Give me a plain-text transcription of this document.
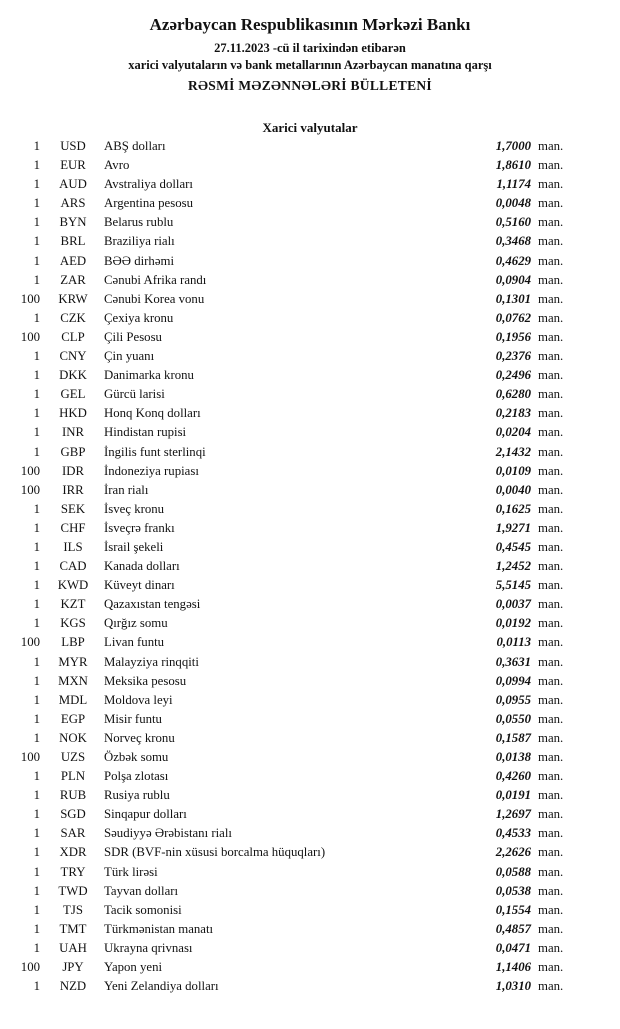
Azərbaycan Respublikasının Mərkəzi Bankı
27.11.2023 -cü il tarixindən etibarən
xarici valyutaların və bank metallarının Azərbaycan manatına qarşı
RƏSMİ MƏZƏNNƏLƏRİ BÜLLETENİ
Xarici valyutalar
1	USD	ABŞ dolları	1,7000 man.
1	EUR	Avro	1,8610 man.
1	AUD	Avstraliya dolları	1,1174 man.
1	ARS	Argentina pesosu	0,0048 man.
1	BYN	Belarus rublu	0,5160 man.
1	BRL	Braziliya rialı	0,3468 man.
1	AED	BƏƏ dirhəmi	0,4629 man.
1	ZAR	Cənubi Afrika randı	0,0904 man.
100	KRW	Cənubi Korea vonu	0,1301 man.
1	CZK	Çexiya kronu	0,0762 man.
100	CLP	Çili Pesosu	0,1956 man.
1	CNY	Çin yuanı	0,2376 man.
1	DKK	Danimarka kronu	0,2496 man.
1	GEL	Gürcü larisi	0,6280 man.
1	HKD	Honq Konq dolları	0,2183 man.
1	INR	Hindistan rupisi	0,0204 man.
1	GBP	İngilis funt sterlinqi	2,1432 man.
100	IDR	İndoneziya rupiası	0,0109 man.
100	IRR	İran rialı	0,0040 man.
1	SEK	İsveç kronu	0,1625 man.
1	CHF	İsveçrə frankı	1,9271 man.
1	ILS	İsrail şekeli	0,4545 man.
1	CAD	Kanada dolları	1,2452 man.
1	KWD	Küveyt dinarı	5,5145 man.
1	KZT	Qazaxıstan tengəsi	0,0037 man.
1	KGS	Qırğız somu	0,0192 man.
100	LBP	Livan funtu	0,0113 man.
1	MYR	Malayziya rinqqiti	0,3631 man.
1	MXN	Meksika pesosu	0,0994 man.
1	MDL	Moldova leyi	0,0955 man.
1	EGP	Misir funtu	0,0550 man.
1	NOK	Norveç kronu	0,1587 man.
100	UZS	Özbək somu	0,0138 man.
1	PLN	Polşa zlotası	0,4260 man.
1	RUB	Rusiya rublu	0,0191 man.
1	SGD	Sinqapur dolları	1,2697 man.
1	SAR	Səudiyyə Ərəbistanı rialı	0,4533 man.
1	XDR	SDR (BVF-nin xüsusi borcalma hüquqları)	2,2626 man.
1	TRY	Türk lirəsi	0,0588 man.
1	TWD	Tayvan dolları	0,0538 man.
1	TJS	Tacik somonisi	0,1554 man.
1	TMT	Türkmənistan manatı	0,4857 man.
1	UAH	Ukrayna qrivnası	0,0471 man.
100	JPY	Yapon yeni	1,1406 man.
1	NZD	Yeni Zelandiya dolları	1,0310 man.
